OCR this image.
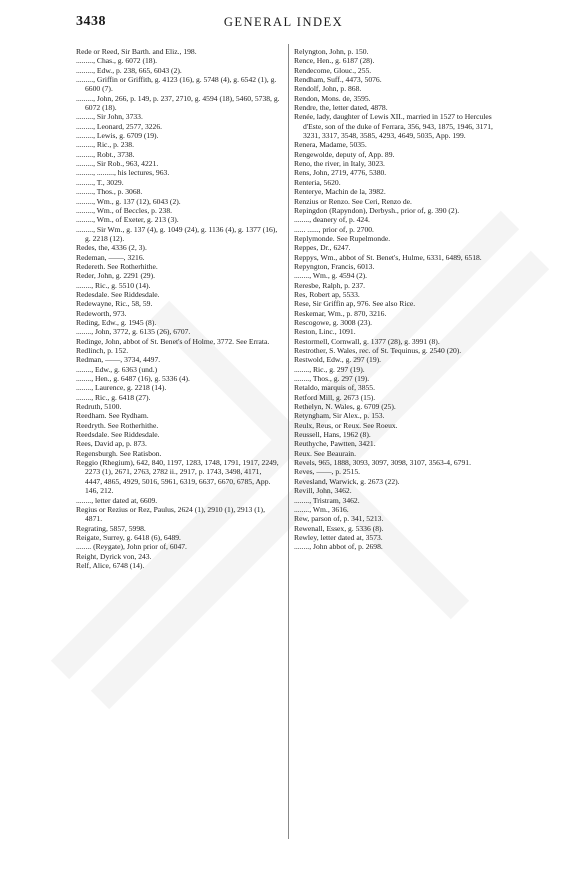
3438	GENERAL INDEX

Rede or Reed, Sir Barth. and Eliz., 198.

........., Chas., g. 6072 (18).

........., Edw., p. 238, 665, 6043 (2).

........., Griffin or Griffith, g. 4123 (16), g. 5748 (4), g. 6542 (1), g. 6600 (7).

........., John, 266, p. 149, p. 237, 2710, g. 4594 (18), 5460, 5738, g. 6072 (18).

........., Sir John, 3733.

........., Leonard, 2577, 3226.

........., Lewis, g. 6709 (19).

........., Ric., p. 238.

........., Robt., 3738.

........., Sir Rob., 963, 4221.

........., ........., his lectures, 963.

........., T., 3029.

........., Thos., p. 3068.

........., Wm., g. 137 (12), 6043 (2).

........., Wm., of Beccles, p. 238.

........., Wm., of Exeter, g. 213 (3).

........., Sir Wm., g. 137 (4), g. 1049 (24), g. 1136 (4), g. 1377 (16), g. 2218 (12).

Redes, the, 4336 (2, 3).

Redeman, ——, 3216.

Redereth. See Rotherhithe.

Reder, John, g. 2291 (29).

........, Ric., g. 5510 (14).

Redesdale. See Riddesdale.

Redewayne, Ric., 58, 59.

Redeworth, 973.

Reding, Edw., g. 1945 (8).

........, John, 3772, g. 6135 (26), 6707.

Redinge, John, abbot of St. Benet's of Holme, 3772. See Errata.

Redlinch, p. 152.

Redman, ——, 3734, 4497.

........, Edw., g. 6363 (und.)

........, Hen., g. 6487 (16), g. 5336 (4).

........, Laurence, g. 2218 (14).

........, Ric., g. 6418 (27).

Redruth, 5100.

Reedham. See Rydham.

Reedryth. See Rotherhithe.

Reedsdale. See Riddesdale.

Rees, David ap, p. 873.

Regensburgh. See Ratisbon.

Reggio (Rhegium), 642, 840, 1197, 1283, 1748, 1791, 1917, 2249, 2273 (1), 2671, 2763, 2782 ii., 2917, p. 1743, 3498, 4171, 4447, 4865, 4929, 5016, 5961, 6319, 6637, 6670, 6785, App. 146, 212.

........, letter dated at, 6609.

Regius or Rezius or Rez, Paulus, 2624 (1), 2910 (1), 2913 (1), 4871.

Regrating, 5857, 5998.

Reigate, Surrey, g. 6418 (6), 6489.

........ (Reygate), John prior of, 6047.

Reight, Dyrick von, 243.

Relf, Alice, 6748 (14).

Relyngton, John, p. 150.

Rence, Hen., g. 6187 (28).

Rendecome, Glouc., 255.

Rendham, Suff., 4473, 5076.

Rendolf, John, p. 868.

Rendon, Mons. de, 3595.

Rendre, the, letter dated, 4878.

Renée, lady, daughter of Lewis XII., married in 1527 to Hercules d'Este, son of the duke of Ferrara, 356, 943, 1875, 1946, 3171, 3231, 3317, 3548, 3585, 4293, 4649, 5035, App. 199.

Renera, Madame, 5035.

Rengewolde, deputy of, App. 89.

Reno, the river, in Italy, 3023.

Rens, John, 2719, 4776, 5380.

Renteria, 5620.

Renterye, Machin de la, 3982.

Renzius or Renzo. See Ceri, Renzo de.

Repingdon (Rapyndon), Derbysh., prior of, g. 390 (2).

........, deanery of, p. 424.

...... ......, prior of, p. 2700.

Replymonde. See Rupelmonde.

Reppes, Dr., 6247.

Reppys, Wm., abbot of St. Benet's, Hulme, 6331, 6489, 6518.

Repyngton, Francis, 6013.

........, Wm., g. 4594 (2).

Reresbe, Ralph, p. 237.

Res, Robert ap, 5533.

Rese, Sir Griffin ap, 976. See also Rice.

Reskemar, Wm., p. 870, 3216.

Rescogowe, g. 3008 (23).

Reston, Linc., 1091.

Restormell, Cornwall, g. 1377 (28), g. 3991 (8).

Restrother, S. Wales, rec. of St. Tequinus, g. 2540 (20).

Restwold, Edw., g. 297 (19).

........, Ric., g. 297 (19).

........, Thos., g. 297 (19).

Retaldo, marquis of, 3855.

Retford Mill, g. 2673 (15).

Rethelyn, N. Wales, g. 6709 (25).

Retyngham, Sir Alex., p. 153.

Reulx, Reus, or Reux. See Roeux.

Reussell, Hans, 1962 (8).

Reuthyche, Pawtten, 3421.

Reux. See Beaurain.

Revels, 965, 1888, 3093, 3097, 3098, 3107, 3563-4, 6791.

Reves, ——, p. 2515.

Revesland, Warwick, g. 2673 (22).

Revill, John, 3462.

........, Tristram, 3462.

........, Wm., 3616.

Rew, parson of, p. 341, 5213.

Rewenall, Essex, g. 5336 (8).

Rewley, letter dated at, 3573.

........, John abbot of, p. 2698.
